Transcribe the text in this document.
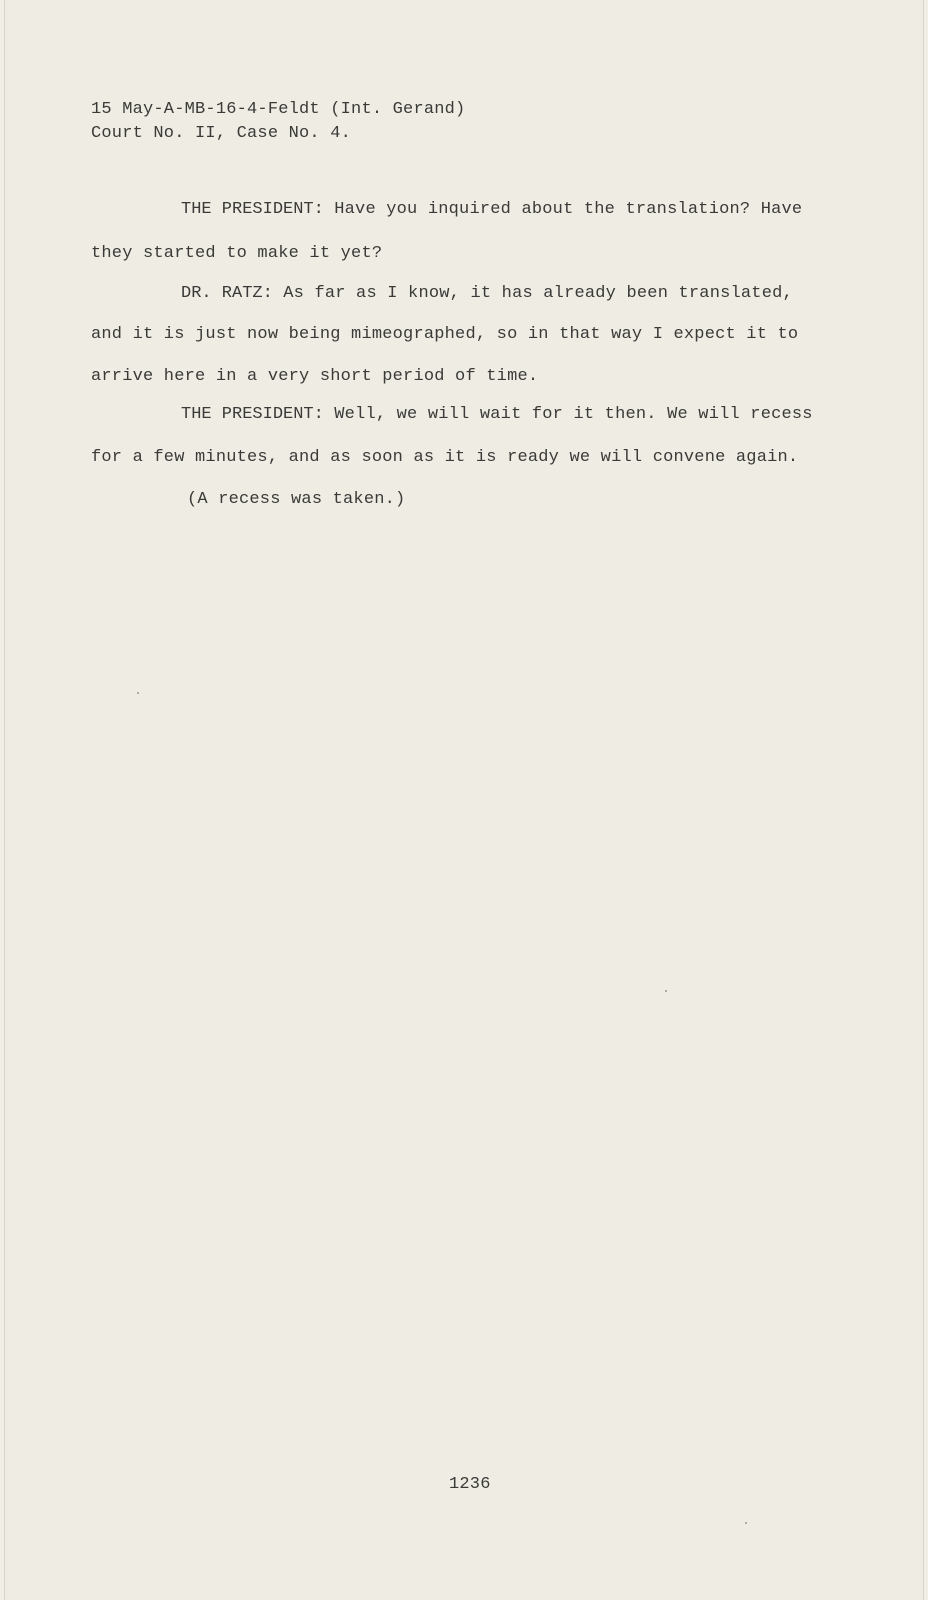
15 May-A-MB-16-4-Feldt (Int. Gerand)
Court No. II, Case No. 4.
THE PRESIDENT: Have you inquired about the translation? Have
they started to make it yet?
DR. RATZ: As far as I know, it has already been translated,
and it is just now being mimeographed, so in that way I expect it to
arrive here in a very short period of time.
THE PRESIDENT: Well, we will wait for it then. We will recess
for a few minutes, and as soon as it is ready we will convene again.
(A recess was taken.)
1236
